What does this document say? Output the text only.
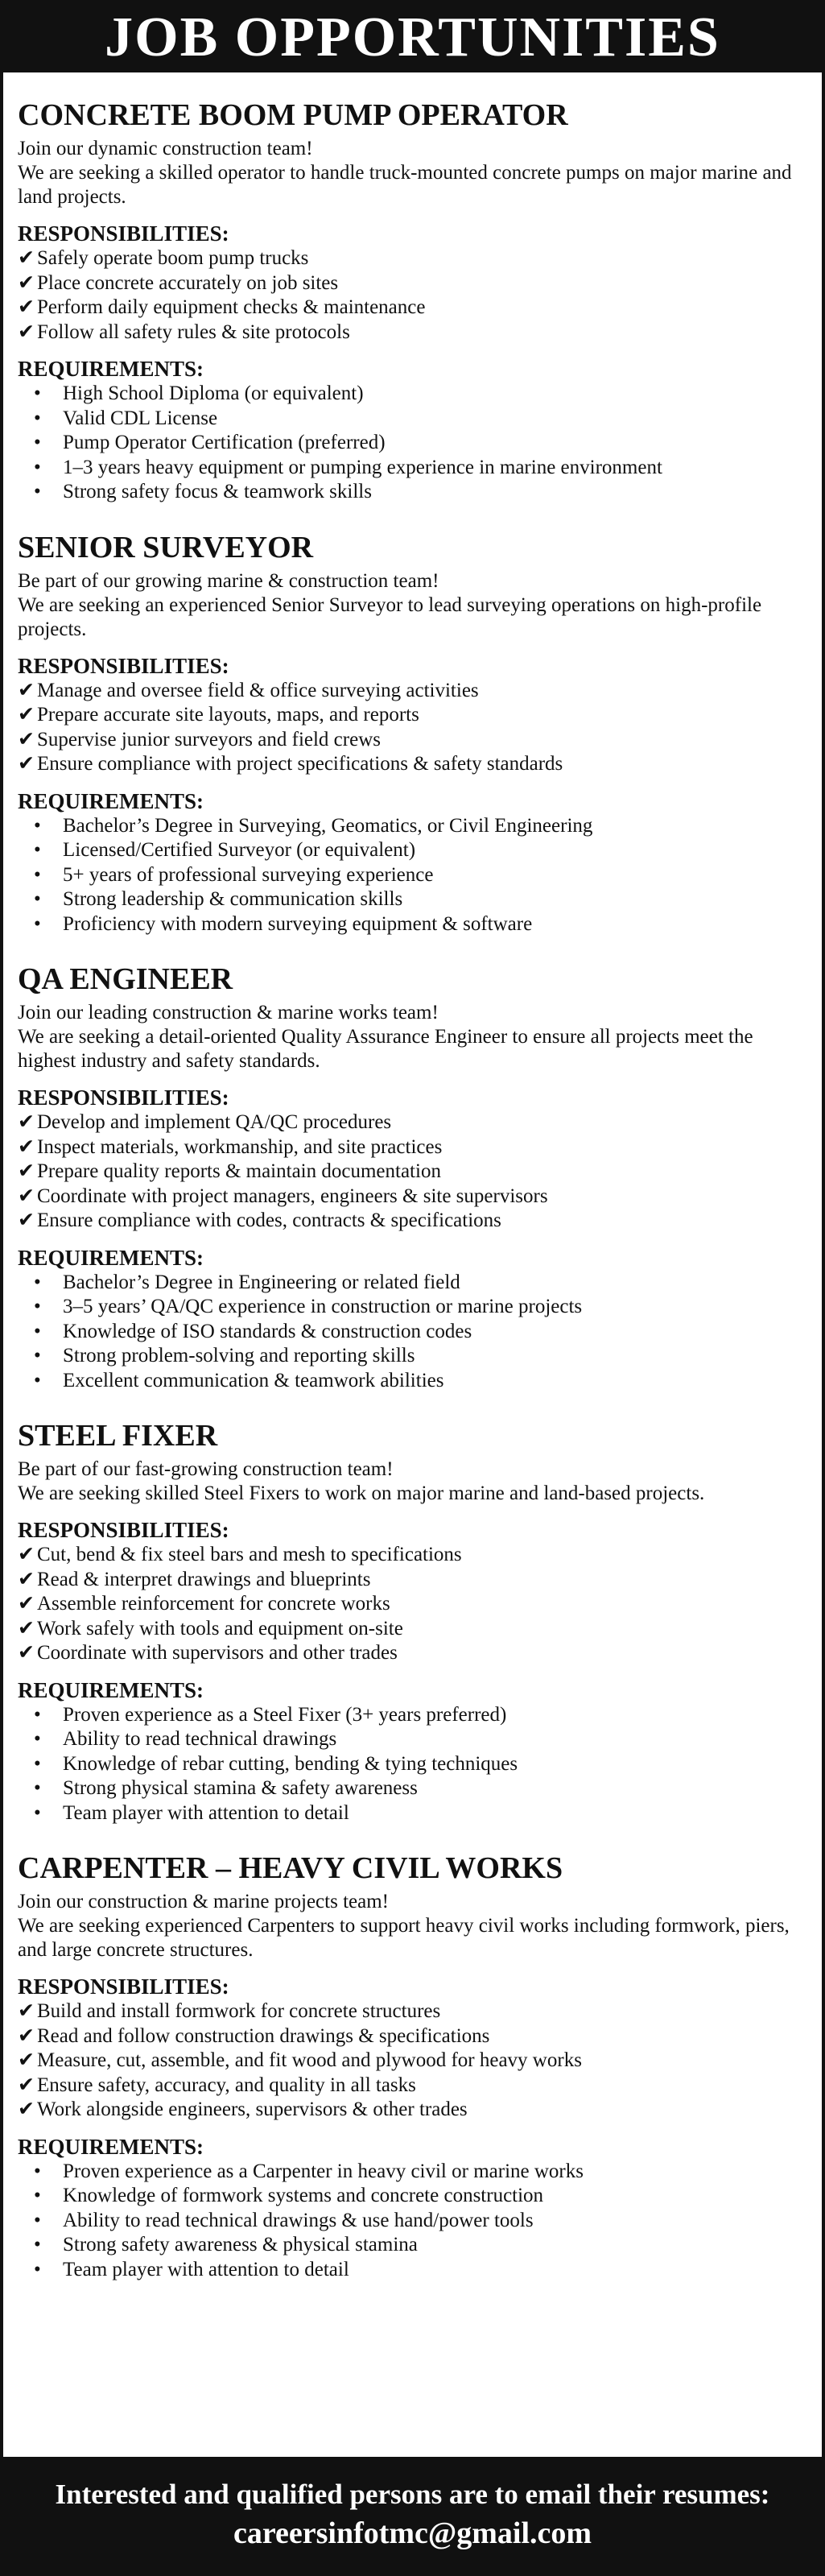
JOB OPPORTUNITIES
CONCRETE BOOM PUMP OPERATOR

Join our dynamic construction team!

We are seeking a skilled operator to handle truck-mounted concrete pumps on major marine and land projects.

RESPONSIBILITIES:
✔ Safely operate boom pump trucks
✔ Place concrete accurately on job sites
✔ Perform daily equipment checks & maintenance
✔ Follow all safety rules & site protocols
REQUIREMENTS:
•	High School Diploma (or equivalent)
•	Valid CDL License
•	Pump Operator Certification (preferred)
•	1–3 years heavy equipment or pumping experience in marine environment
•	Strong safety focus & teamwork skills
SENIOR SURVEYOR

Be part of our growing marine & construction team!

We are seeking an experienced Senior Surveyor to lead surveying operations on high-profile projects.

RESPONSIBILITIES:
✔ Manage and oversee field & office surveying activities
✔ Prepare accurate site layouts, maps, and reports
✔ Supervise junior surveyors and field crews
✔ Ensure compliance with project specifications & safety standards
REQUIREMENTS:
•	Bachelor’s Degree in Surveying, Geomatics, or Civil Engineering
•	Licensed/Certified Surveyor (or equivalent)
•	5+ years of professional surveying experience
•	Strong leadership & communication skills
•	Proficiency with modern surveying equipment & software
QA ENGINEER

Join our leading construction & marine works team!

We are seeking a detail-oriented Quality Assurance Engineer to ensure all projects meet the highest industry and safety standards.

RESPONSIBILITIES:
✔ Develop and implement QA/QC procedures
✔ Inspect materials, workmanship, and site practices
✔ Prepare quality reports & maintain documentation
✔ Coordinate with project managers, engineers & site supervisors
✔ Ensure compliance with codes, contracts & specifications
REQUIREMENTS:
•	Bachelor’s Degree in Engineering or related field
•	3–5 years’ QA/QC experience in construction or marine projects
•	Knowledge of ISO standards & construction codes
•	Strong problem-solving and reporting skills
•	Excellent communication & teamwork abilities
STEEL FIXER

Be part of our fast-growing construction team!

We are seeking skilled Steel Fixers to work on major marine and land-based projects.

RESPONSIBILITIES:
✔ Cut, bend & fix steel bars and mesh to specifications
✔ Read & interpret drawings and blueprints
✔ Assemble reinforcement for concrete works
✔ Work safely with tools and equipment on-site
✔ Coordinate with supervisors and other trades
REQUIREMENTS:
•	Proven experience as a Steel Fixer (3+ years preferred)
•	Ability to read technical drawings
•	Knowledge of rebar cutting, bending & tying techniques
•	Strong physical stamina & safety awareness
•	Team player with attention to detail
CARPENTER – HEAVY CIVIL WORKS

Join our construction & marine projects team!

We are seeking experienced Carpenters to support heavy civil works including formwork, piers, and large concrete structures.

RESPONSIBILITIES:
✔ Build and install formwork for concrete structures
✔ Read and follow construction drawings & specifications
✔ Measure, cut, assemble, and fit wood and plywood for heavy works
✔ Ensure safety, accuracy, and quality in all tasks
✔ Work alongside engineers, supervisors & other trades
REQUIREMENTS:
•	Proven experience as a Carpenter in heavy civil or marine works
•	Knowledge of formwork systems and concrete construction
•	Ability to read technical drawings & use hand/power tools
•	Strong safety awareness & physical stamina
•	Team player with attention to detail
Interested and qualified persons are to email their resumes:
careersinfotmc@gmail.com
